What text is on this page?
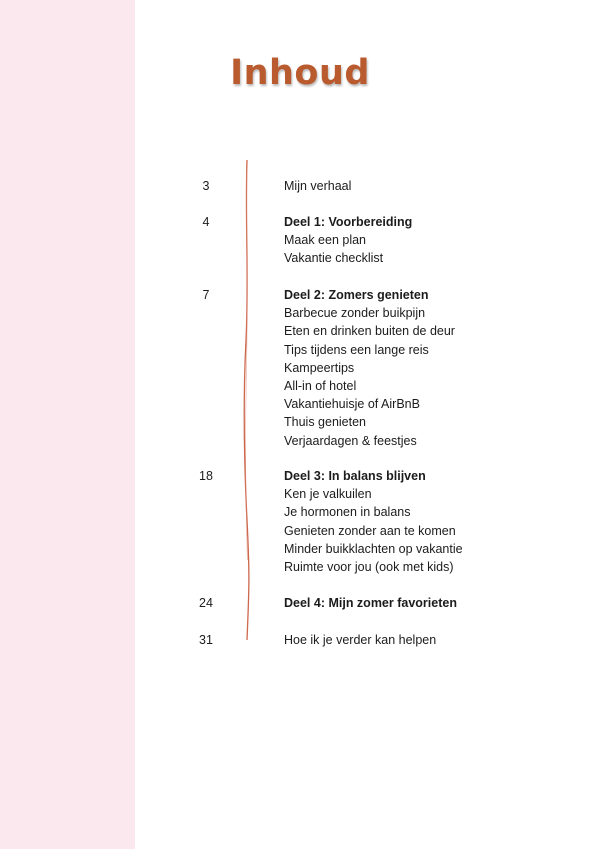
Inhoud
3	Mijn verhaal
4	Deel 1: Voorbereiding
Maak een plan
Vakantie checklist
7	Deel 2: Zomers genieten
Barbecue zonder buikpijn
Eten en drinken buiten de deur
Tips tijdens een lange reis
Kampeertips
All-in of hotel
Vakantiehuisje of AirBnB
Thuis genieten
Verjaardagen & feestjes
18	Deel 3: In balans blijven
Ken je valkuilen
Je hormonen in balans
Genieten zonder aan te komen
Minder buikklachten op vakantie
Ruimte voor jou (ook met kids)
24	Deel 4: Mijn zomer favorieten
31	Hoe ik je verder kan helpen
